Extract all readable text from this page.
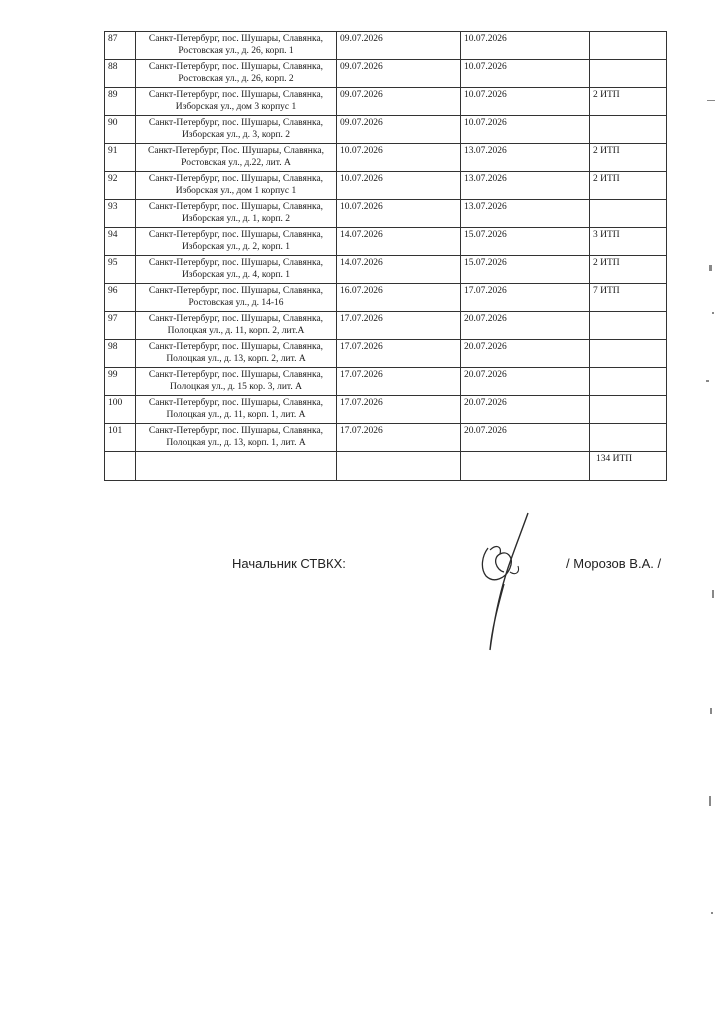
87	Санкт-Петербург, пос. Шушары, Славянка,
Ростовская ул., д. 26, корп. 1	09.07.2026	10.07.2026	
88	Санкт-Петербург, пос. Шушары, Славянка,
Ростовская ул., д. 26, корп. 2	09.07.2026	10.07.2026	
89	Санкт-Петербург, пос. Шушары, Славянка,
Изборская ул., дом 3 корпус 1	09.07.2026	10.07.2026	2 ИТП
90	Санкт-Петербург, пос. Шушары, Славянка,
Изборская ул., д. 3, корп. 2	09.07.2026	10.07.2026	
91	Санкт-Петербург, Пос. Шушары, Славянка,
Ростовская ул., д.22, лит. А	10.07.2026	13.07.2026	2 ИТП
92	Санкт-Петербург, пос. Шушары, Славянка,
Изборская ул., дом 1 корпус 1	10.07.2026	13.07.2026	2 ИТП
93	Санкт-Петербург, пос. Шушары, Славянка,
Изборская ул., д. 1, корп. 2	10.07.2026	13.07.2026	
94	Санкт-Петербург, пос. Шушары, Славянка,
Изборская ул., д. 2, корп. 1	14.07.2026	15.07.2026	3 ИТП
95	Санкт-Петербург, пос. Шушары, Славянка,
Изборская ул., д. 4, корп. 1	14.07.2026	15.07.2026	2 ИТП
96	Санкт-Петербург, пос. Шушары, Славянка,
Ростовская ул., д. 14-16	16.07.2026	17.07.2026	7 ИТП
97	Санкт-Петербург, пос. Шушары, Славянка,
Полоцкая ул., д. 11, корп. 2, лит.А	17.07.2026	20.07.2026	
98	Санкт-Петербург, пос. Шушары, Славянка,
Полоцкая ул., д. 13, корп. 2, лит. А	17.07.2026	20.07.2026	
99	Санкт-Петербург, пос. Шушары, Славянка,
Полоцкая ул., д. 15 кор. 3, лит. А	17.07.2026	20.07.2026	
100	Санкт-Петербург, пос. Шушары, Славянка,
Полоцкая ул., д. 11, корп. 1, лит. А	17.07.2026	20.07.2026	
101	Санкт-Петербург, пос. Шушары, Славянка,
Полоцкая ул., д. 13, корп. 1, лит. А	17.07.2026	20.07.2026	
				134 ИТП
Начальник СТВКХ:	/ Морозов В.А. /
